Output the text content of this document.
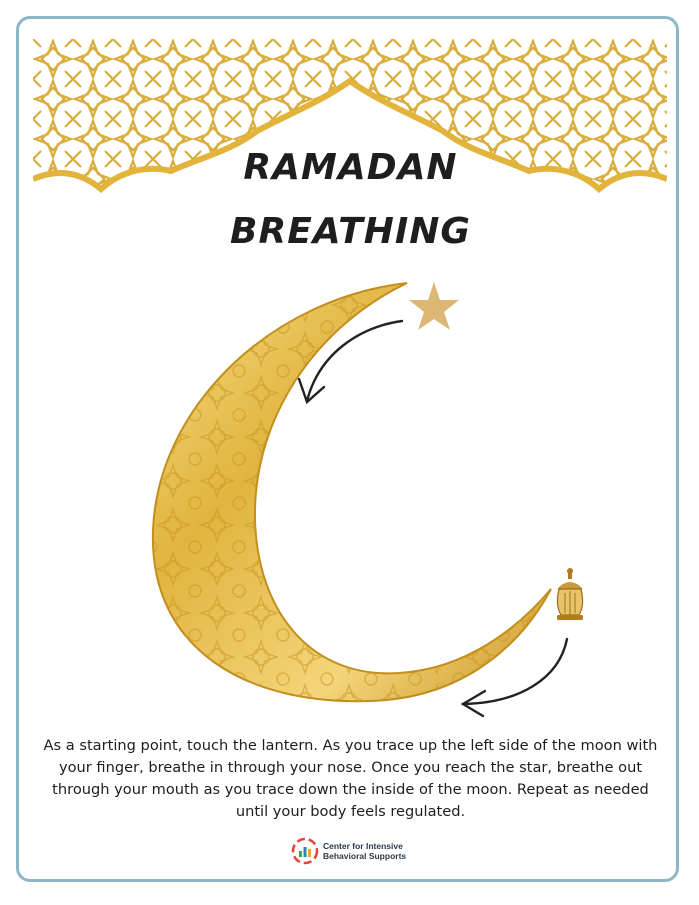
RAMADAN
BREATHING
As a starting point, touch the lantern. As you trace up the left side of the moon with your finger, breathe in through your nose. Once you reach the star, breathe out through your mouth as you trace down the inside of the moon. Repeat as needed until your body feels regulated.
Center for Intensive
Behavioral Supports
